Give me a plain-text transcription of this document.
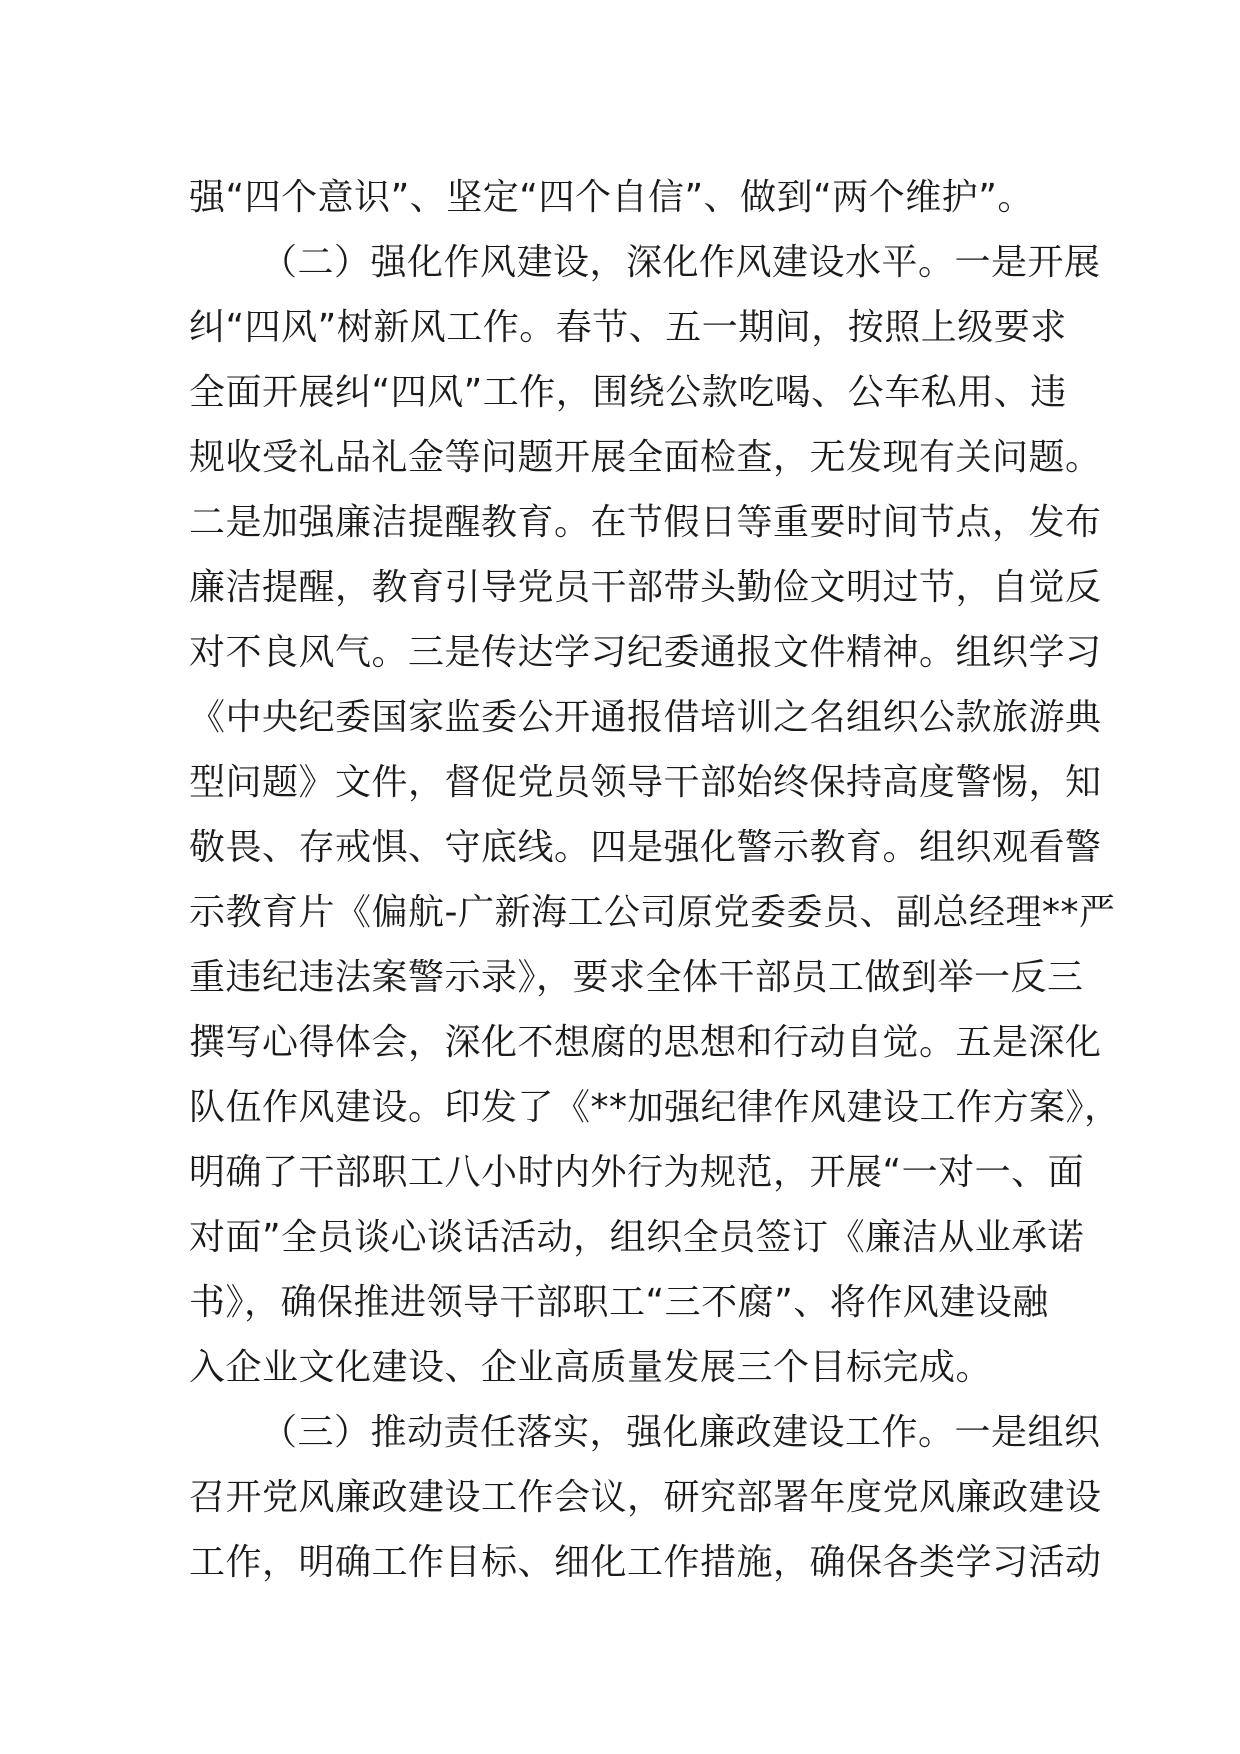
强“四个意识”、坚定“四个自信”、做到“两个维护”。
（二）强化作风建设，深化作风建设水平。一是开展
纠“四风”树新风工作。春节、五一期间，按照上级要求
全面开展纠“四风”工作，围绕公款吃喝、公车私用、违
规收受礼品礼金等问题开展全面检查，无发现有关问题。
二是加强廉洁提醒教育。在节假日等重要时间节点，发布
廉洁提醒，教育引导党员干部带头勤俭文明过节，自觉反
对不良风气。三是传达学习纪委通报文件精神。组织学习
《中央纪委国家监委公开通报借培训之名组织公款旅游典
型问题》文件，督促党员领导干部始终保持高度警惕，知
敬畏、存戒惧、守底线。四是强化警示教育。组织观看警
示教育片《偏航-广新海工公司原党委委员、副总经理**严
重违纪违法案警示录》，要求全体干部员工做到举一反三
撰写心得体会，深化不想腐的思想和行动自觉。五是深化
队伍作风建设。印发了《**加强纪律作风建设工作方案》，
明确了干部职工八小时内外行为规范，开展“一对一、面
对面”全员谈心谈话活动，组织全员签订《廉洁从业承诺
书》，确保推进领导干部职工“三不腐”、将作风建设融
入企业文化建设、企业高质量发展三个目标完成。
（三）推动责任落实，强化廉政建设工作。一是组织
召开党风廉政建设工作会议，研究部署年度党风廉政建设
工作，明确工作目标、细化工作措施，确保各类学习活动
